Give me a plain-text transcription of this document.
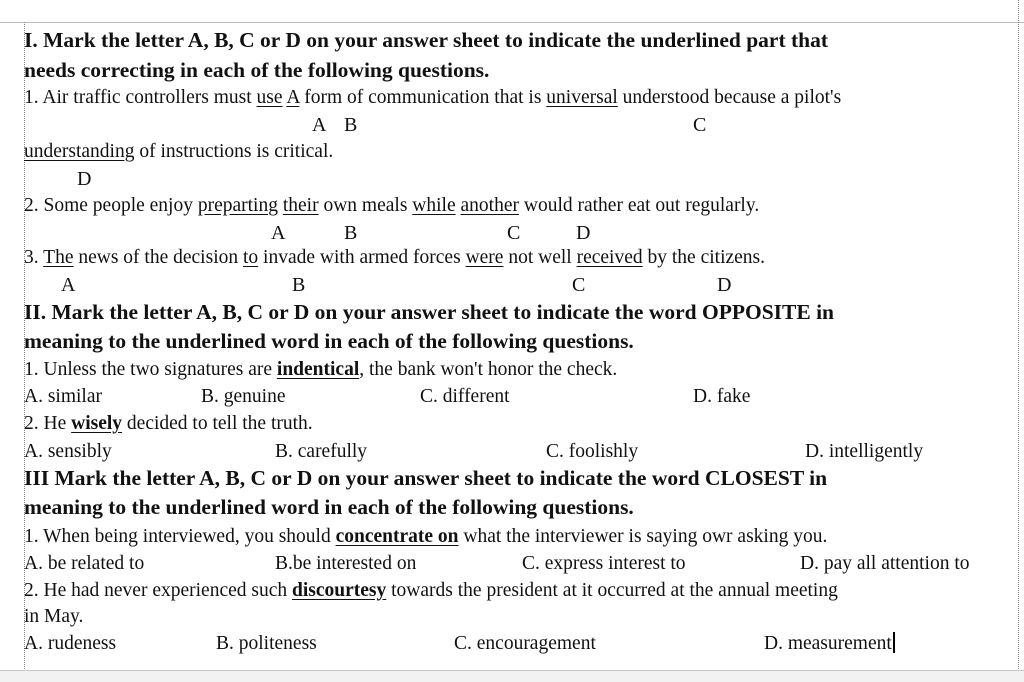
I. Mark the letter A, B, C or D on your answer sheet to indicate the underlined part that
needs correcting in each of the following questions.
1. Air traffic controllers must use A form of communication that is universal understood because a pilot's
A B	C
understanding of instructions is critical.
D
2. Some people enjoy preparting their own meals while another would rather eat out regularly.
A	B	C	D
3. The news of the decision to invade with armed forces were not well received by the citizens.
A	B	C	D
II. Mark the letter A, B, C or D on your answer sheet to indicate the word OPPOSITE in
meaning to the underlined word in each of the following questions.
1. Unless the two signatures are indentical, the bank won't honor the check.
A. similar	B. genuine	C. different	D. fake
2. He wisely decided to tell the truth.
A. sensibly	B. carefully	C. foolishly	D. intelligently
III Mark the letter A, B, C or D on your answer sheet to indicate the word CLOSEST in
meaning to the underlined word in each of the following questions.
1. When being interviewed, you should concentrate on what the interviewer is saying owr asking you.
A. be related to	B.be interested on	C. express interest to	D. pay all attention to
2. He had never experienced such discourtesy towards the president at it occurred at the annual meeting
in May.
A. rudeness	B. politeness	C. encouragement	D. measurement
